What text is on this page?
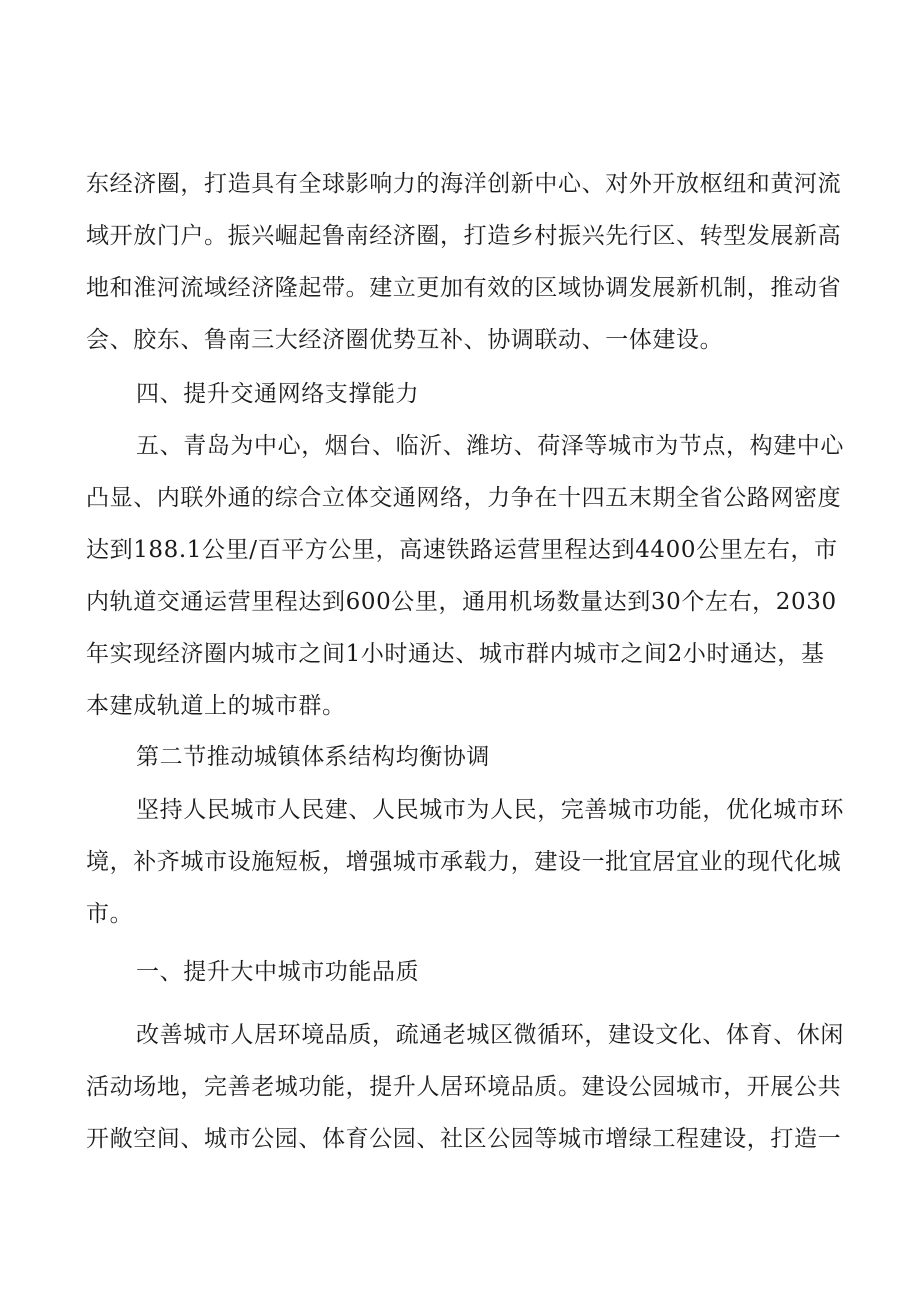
东经济圈，打造具有全球影响力的海洋创新中心、对外开放枢纽和黄河流
域开放门户。振兴崛起鲁南经济圈，打造乡村振兴先行区、转型发展新高
地和淮河流域经济隆起带。建立更加有效的区域协调发展新机制，推动省
会、胶东、鲁南三大经济圈优势互补、协调联动、一体建设。
四、提升交通网络支撑能力
五、青岛为中心，烟台、临沂、潍坊、荷泽等城市为节点，构建中心
凸显、内联外通的综合立体交通网络，力争在十四五末期全省公路网密度
达到188.1公里/百平方公里，高速铁路运营里程达到4400公里左右，市
内轨道交通运营里程达到600公里，通用机场数量达到30个左右，2030
年实现经济圈内城市之间1小时通达、城市群内城市之间2小时通达，基
本建成轨道上的城市群。
第二节推动城镇体系结构均衡协调
坚持人民城市人民建、人民城市为人民，完善城市功能，优化城市环
境，补齐城市设施短板，增强城市承载力，建设一批宜居宜业的现代化城
市。
一、提升大中城市功能品质
改善城市人居环境品质，疏通老城区微循环，建设文化、体育、休闲
活动场地，完善老城功能，提升人居环境品质。建设公园城市，开展公共
开敞空间、城市公园、体育公园、社区公园等城市增绿工程建设，打造一
